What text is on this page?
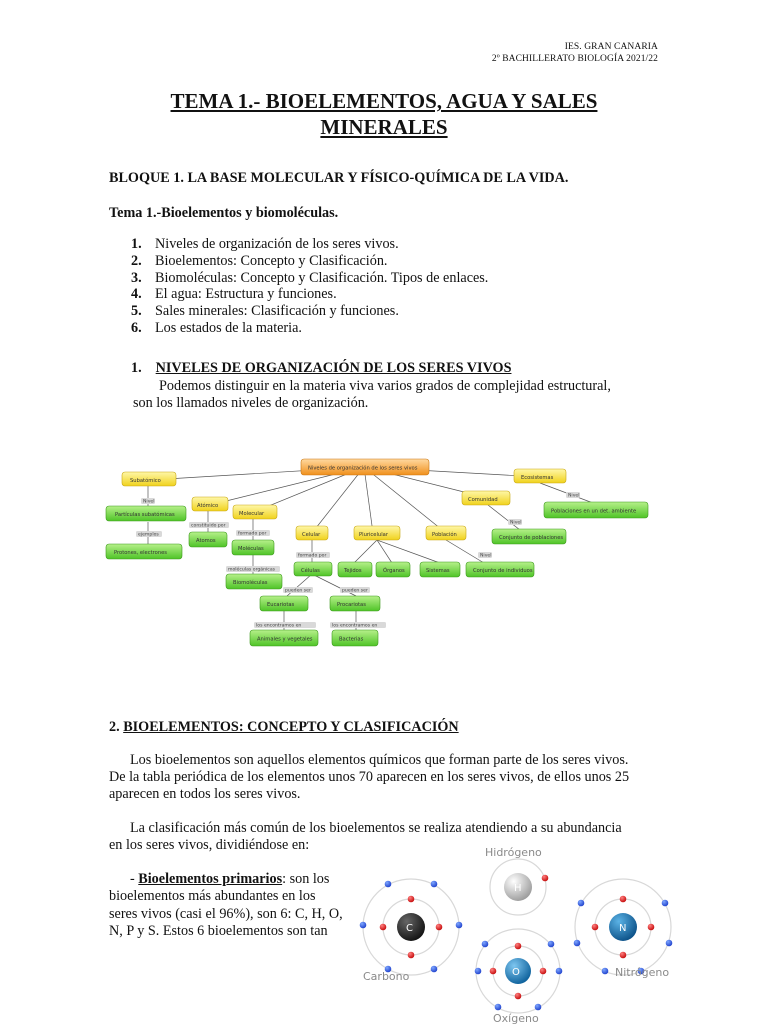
IES. GRAN CANARIA
2º BACHILLERATO BIOLOGÍA 2021/22
TEMA 1.- BIOELEMENTOS, AGUA Y SALES
MINERALES
BLOQUE 1. LA BASE MOLECULAR Y FÍSICO-QUÍMICA DE LA VIDA.
Tema 1.-Bioelementos y biomoléculas.
1. Niveles de organización de los seres vivos.
2. Bioelementos: Concepto y Clasificación.
3. Biomoléculas: Concepto y Clasificación. Tipos de enlaces.
4. El agua: Estructura y funciones.
5. Sales minerales: Clasificación y funciones.
6. Los estados de la materia.
1. NIVELES DE ORGANIZACIÓN DE LOS SERES VIVOS
Podemos distinguir en la materia viva varios grados de complejidad estructural,
son los llamados niveles de organización.
Niveles de organización de los seres vivos
Subatómico
Nivel
Partículas subatómicas
ejemplos
Protones, electrones
Atómico
constituido por
Atomos
Molecular
formado por
Moléculas
moléculas orgánicas
Biomoléculas
Celular
formado por
Células
pueden ser	pueden ser
Eucariotas	Procariotas
los encontramos en	los encontramos en
Animales y vegetales	Bacterias
Pluricelular
Tejidos	Órganos	Sistemas
Población
Nivel
Conjunto de individuos
Comunidad
Nivel
Conjunto de poblaciones
Ecosistemas
Nivel
Poblaciones en un det. ambiente
2. BIOELEMENTOS: CONCEPTO Y CLASIFICACIÓN
Los bioelementos son aquellos elementos químicos que forman parte de los seres vivos.
De la tabla periódica de los elementos unos 70 aparecen en los seres vivos, de ellos unos 25
aparecen en todos los seres vivos.
La clasificación más común de los bioelementos se realiza atendiendo a su abundancia
en los seres vivos, dividiéndose en:
- Bioelementos primarios: son los
bioelementos más abundantes en los
seres vivos (casi el 96%), son 6: C, H, O,
N, P y S. Estos 6 bioelementos son tan
Hidrógeno
H
C
Carbono	O
Oxígeno
N
Nitrógeno
